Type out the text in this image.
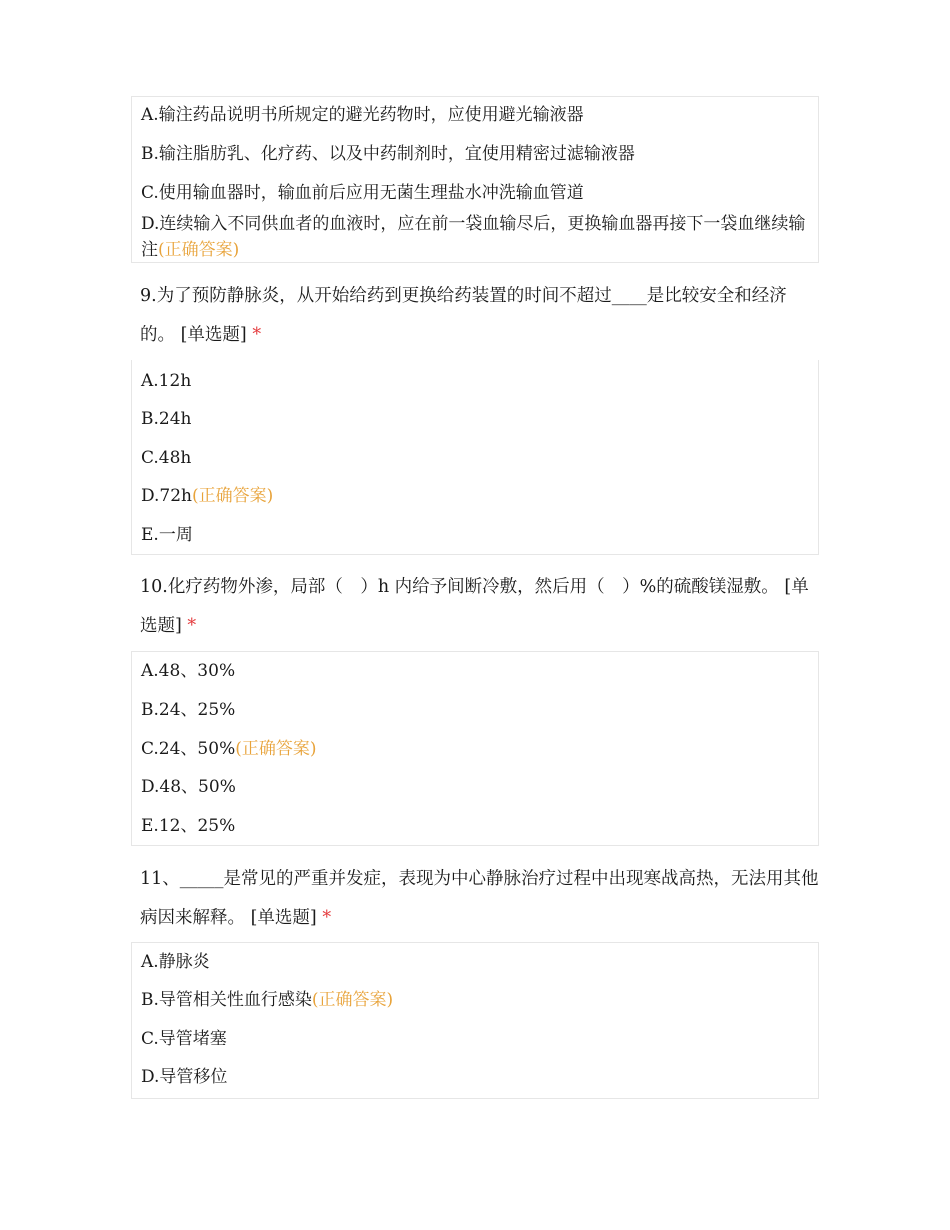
A.输注药品说明书所规定的避光药物时，应使用避光输液器
B.输注脂肪乳、化疗药、以及中药制剂时，宜使用精密过滤输液器
C.使用输血器时，输血前后应用无菌生理盐水冲洗输血管道
D.连续输入不同供血者的血液时，应在前一袋血输尽后，更换输血器再接下一袋血继续输注(正确答案)
9.为了预防静脉炎，从开始给药到更换给药装置的时间不超过____是比较安全和经济的。 [单选题] *
A.12h
B.24h
C.48h
D.72h(正确答案)
E.一周
10.化疗药物外渗，局部（　）h 内给予间断冷敷，然后用（　）%的硫酸镁湿敷。 [单选题] *
A.48、30%
B.24、25%
C.24、50%(正确答案)
D.48、50%
E.12、25%
11、_____是常见的严重并发症，表现为中心静脉治疗过程中出现寒战高热，无法用其他病因来解释。 [单选题] *
A.静脉炎
B.导管相关性血行感染(正确答案)
C.导管堵塞
D.导管移位
